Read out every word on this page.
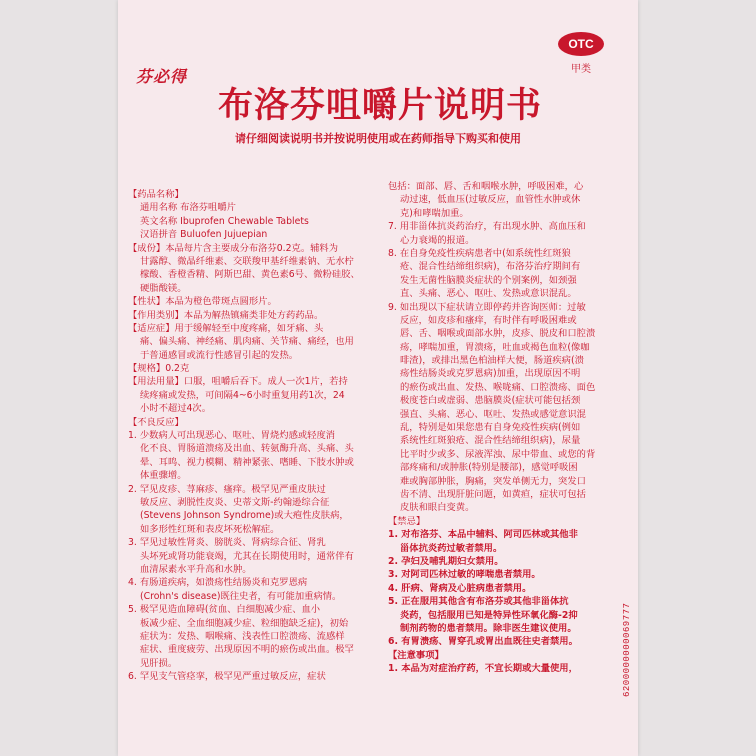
OTC
甲类
芬必得
布洛芬咀嚼片说明书
请仔细阅读说明书并按说明使用或在药师指导下购买和使用
【药品名称】
通用名称 布洛芬咀嚼片
英文名称 Ibuprofen Chewable Tablets
汉语拼音 Buluofen Jujuepian
【成份】本品每片含主要成分布洛芬0.2克。辅料为
甘露醇、微晶纤维素、交联羧甲基纤维素钠、无水柠
檬酸、香橙香精、阿斯巴甜、黄色素6号、微粉硅胶、
硬脂酸镁。
【性状】本品为橙色带斑点圆形片。
【作用类别】本品为解热镇痛类非处方药药品。
【适应症】用于缓解轻至中度疼痛，如牙痛、头
痛、偏头痛、神经痛、肌肉痛、关节痛、痛经，也用
于普通感冒或流行性感冒引起的发热。
【规格】0.2克
【用法用量】口服，咀嚼后吞下。成人一次1片，若持
续疼痛或发热，可间隔4~6小时重复用药1次，24
小时不超过4次。
【不良反应】
1. 少数病人可出现恶心、呕吐、胃烧灼感或轻度消
化不良、胃肠道溃疡及出血、转氨酶升高、头痛、头
晕、耳鸣、视力模糊、精神紧张、嗜睡、下肢水肿或
体重骤增。
2. 罕见皮疹、荨麻疹、瘙痒。极罕见严重皮肤过
敏反应、剥脱性皮炎、史蒂文斯-约翰逊综合征
(Stevens Johnson Syndrome)或大疱性皮肤病，
如多形性红斑和表皮坏死松解症。
3. 罕见过敏性肾炎、膀胱炎、肾病综合征、肾乳
头坏死或肾功能衰竭，尤其在长期使用时，通常伴有
血清尿素水平升高和水肿。
4. 有肠道疾病，如溃疡性结肠炎和克罗恩病
(Crohn's disease)既往史者，有可能加重病情。
5. 极罕见造血障碍(贫血、白细胞减少症、血小
板减少症、全血细胞减少症、粒细胞缺乏症)，初始
症状为：发热、咽喉痛、浅表性口腔溃疡、流感样
症状、重度疲劳、出现原因不明的瘀伤或出血。极罕
见肝损。
6. 罕见支气管痉挛，极罕见严重过敏反应，症状
包括：面部、唇、舌和咽喉水肿，呼吸困难，心
动过速，低血压(过敏反应，血管性水肿或休
克)和哮喘加重。
7. 用非甾体抗炎药治疗，有出现水肿、高血压和
心力衰竭的报道。
8. 在自身免疫性疾病患者中(如系统性红斑狼
疮、混合性结缔组织病)，布洛芬治疗期间有
发生无菌性脑膜炎症状的个别案例，如颈强
直、头痛、恶心、呕吐、发热或意识混乱。
9. 如出现以下症状请立即停药并咨询医师：过敏
反应，如皮疹和瘙痒，有时伴有呼吸困难或
唇、舌、咽喉或面部水肿，皮疹、脱皮和口腔溃
疡，哮喘加重，胃溃疡，吐血或褐色血粒(像咖
啡渣)，或排出黑色柏油样大便，肠道疾病(溃
疡性结肠炎或克罗恩病)加重，出现原因不明
的瘀伤或出血、发热、喉咙痛、口腔溃疡、面色
极度苍白或虚弱、患脑膜炎(症状可能包括颈
强直、头痛、恶心、呕吐、发热或感觉意识混
乱，特别是如果您患有自身免疫性疾病(例如
系统性红斑狼疮、混合性结缔组织病)，尿量
比平时少或多、尿液浑浊、尿中带血、或您的背
部疼痛和/或肿胀(特别是腰部)，感觉呼吸困
难或胸部肿胀，胸痛，突发单侧无力，突发口
齿不清、出现肝脏问题，如黄疸，症状可包括
皮肤和眼白变黄。
【禁忌】
1. 对布洛芬、本品中辅料、阿司匹林或其他非
甾体抗炎药过敏者禁用。
2. 孕妇及哺乳期妇女禁用。
3. 对阿司匹林过敏的哮喘患者禁用。
4. 肝病、肾病及心脏病患者禁用。
5. 正在服用其他含有布洛芬或其他非甾体抗
炎药，包括服用已知是特异性环氧化酶-2抑
制剂药物的患者禁用。除非医生建议使用。
6. 有胃溃疡、胃穿孔或胃出血既往史者禁用。
【注意事项】
1. 本品为对症治疗药，不宜长期或大量使用，	6200000000069777
